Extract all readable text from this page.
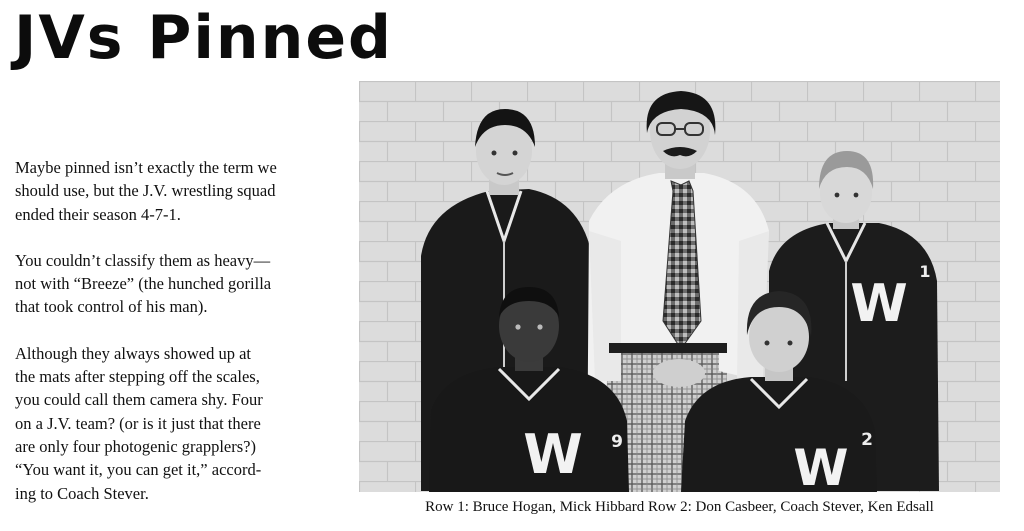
JVs Pinned

Maybe pinned isn’t exactly the term we
should use, but the J.V. wrestling squad
ended their season 4-7-1.

You couldn’t classify them as heavy—
not with “Breeze” (the hunched gorilla
that took control of his man).

Although they always showed up at
the mats after stepping off the scales,
you could call them camera shy. Four
on a J.V. team? (or is it just that there
are only four photogenic grapplers?)
“You want it, you can get it,” accord-
ing to Coach Stever.

W
1
W 9	W 2
Row 1: Bruce Hogan, Mick Hibbard Row 2: Don Casbeer, Coach Stever, Ken Edsall
